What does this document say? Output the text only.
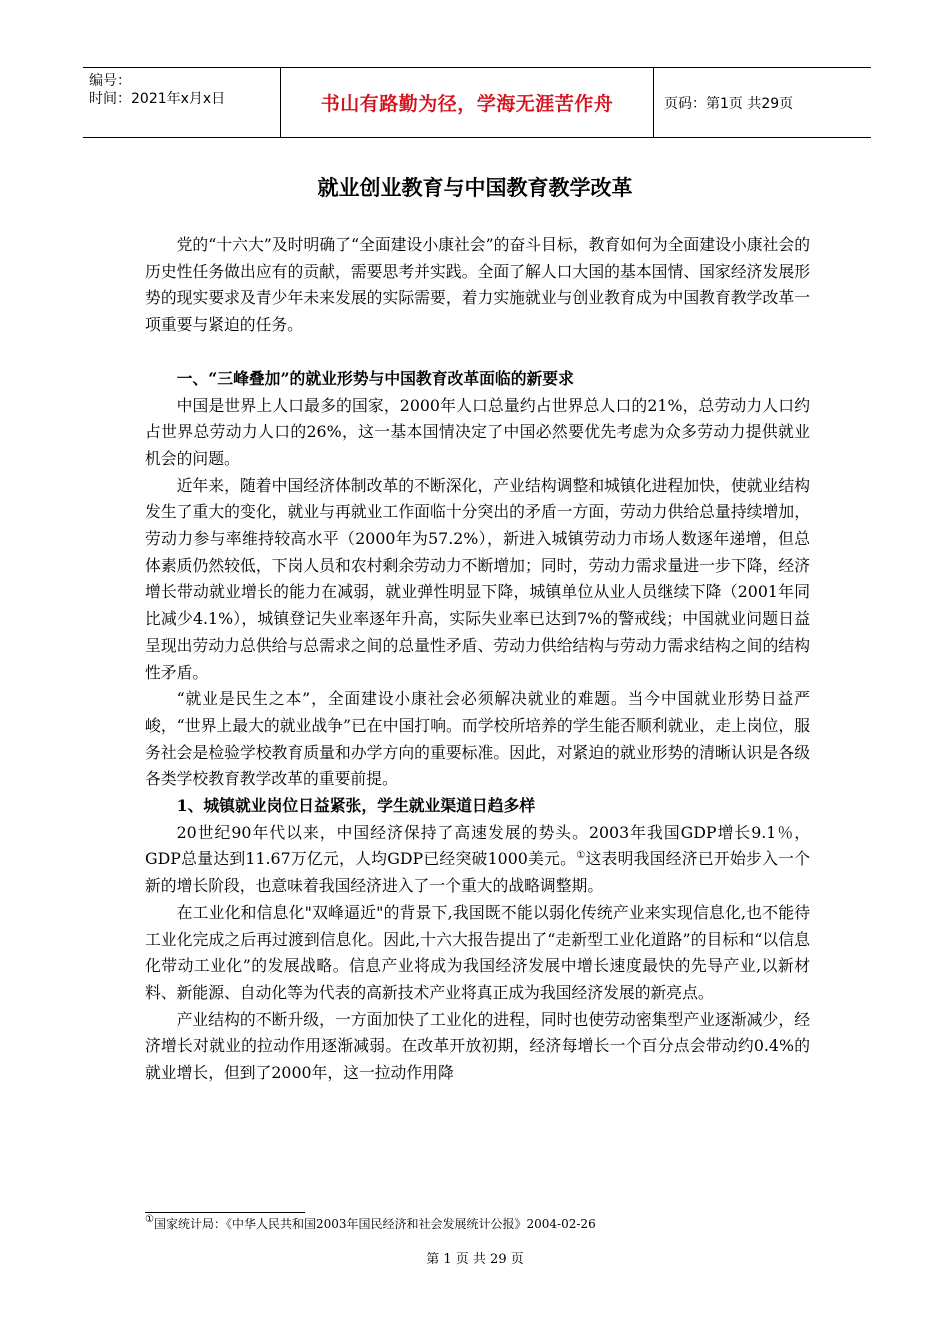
编号：
时间：2021年x月x日	书山有路勤为径，学海无涯苦作舟	页码：第1页 共29页
就业创业教育与中国教育教学改革

党的“十六大”及时明确了“全面建设小康社会”的奋斗目标，教育如何为全面建设小康社会的历史性任务做出应有的贡献，需要思考并实践。全面了解人口大国的基本国情、国家经济发展形势的现实要求及青少年未来发展的实际需要，着力实施就业与创业教育成为中国教育教学改革一项重要与紧迫的任务。

一、“三峰叠加”的就业形势与中国教育改革面临的新要求

中国是世界上人口最多的国家，2000年人口总量约占世界总人口的21%，总劳动力人口约占世界总劳动力人口的26%，这一基本国情决定了中国必然要优先考虑为众多劳动力提供就业机会的问题。

近年来，随着中国经济体制改革的不断深化，产业结构调整和城镇化进程加快，使就业结构发生了重大的变化，就业与再就业工作面临十分突出的矛盾一方面，劳动力供给总量持续增加，劳动力参与率维持较高水平（2000年为57.2%），新进入城镇劳动力市场人数逐年递增，但总体素质仍然较低，下岗人员和农村剩余劳动力不断增加；同时，劳动力需求量进一步下降，经济增长带动就业增长的能力在减弱，就业弹性明显下降，城镇单位从业人员继续下降（2001年同比减少4.1%），城镇登记失业率逐年升高，实际失业率已达到7%的警戒线；中国就业问题日益呈现出劳动力总供给与总需求之间的总量性矛盾、劳动力供给结构与劳动力需求结构之间的结构性矛盾。

“就业是民生之本”，全面建设小康社会必须解决就业的难题。当今中国就业形势日益严峻，“世界上最大的就业战争”已在中国打响。而学校所培养的学生能否顺利就业，走上岗位，服务社会是检验学校教育质量和办学方向的重要标准。因此，对紧迫的就业形势的清晰认识是各级各类学校教育教学改革的重要前提。

1、城镇就业岗位日益紧张，学生就业渠道日趋多样

20世纪90年代以来，中国经济保持了高速发展的势头。2003年我国GDP增长9.1％，GDP总量达到11.67万亿元，人均GDP已经突破1000美元。①这表明我国经济已开始步入一个新的增长阶段，也意味着我国经济进入了一个重大的战略调整期。

在工业化和信息化"双峰逼近"的背景下,我国既不能以弱化传统产业来实现信息化,也不能待工业化完成之后再过渡到信息化。因此,十六大报告提出了“走新型工业化道路”的目标和“以信息化带动工业化”的发展战略。信息产业将成为我国经济发展中增长速度最快的先导产业,以新材料、新能源、自动化等为代表的高新技术产业将真正成为我国经济发展的新亮点。

产业结构的不断升级，一方面加快了工业化的进程，同时也使劳动密集型产业逐渐减少，经济增长对就业的拉动作用逐渐减弱。在改革开放初期，经济每增长一个百分点会带动约0.4%的就业增长，但到了2000年，这一拉动作用降

①国家统计局：《中华人民共和国2003年国民经济和社会发展统计公报》2004-02-26
第 1 页 共 29 页
